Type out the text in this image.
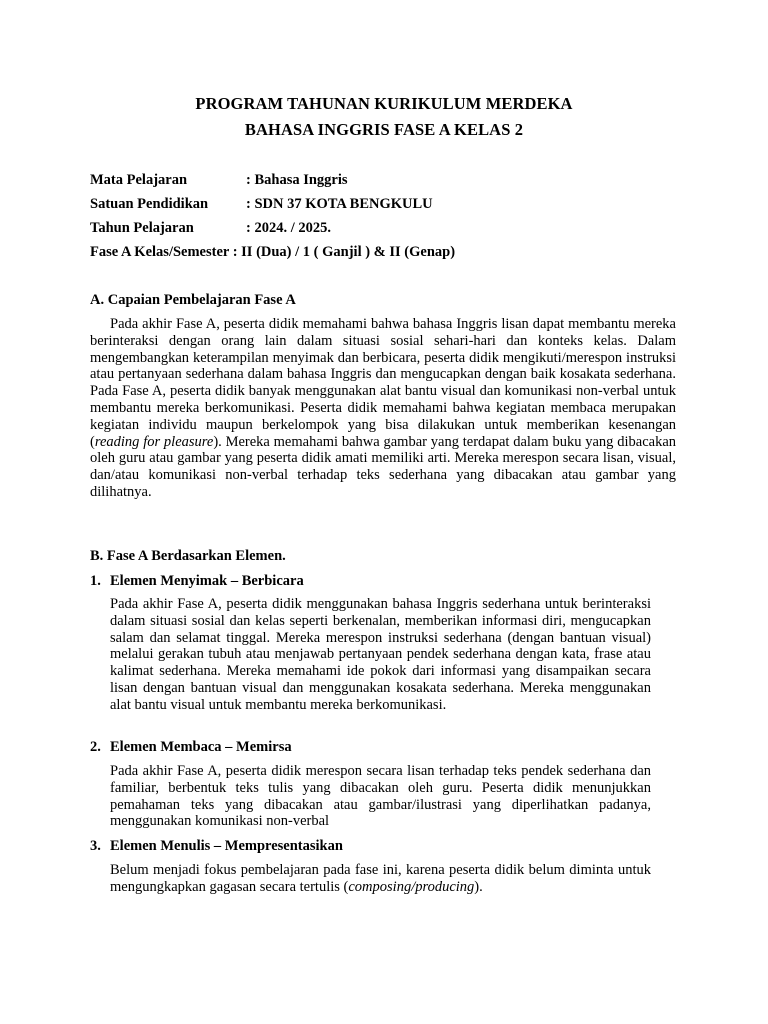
PROGRAM TAHUNAN KURIKULUM MERDEKA
BAHASA INGGRIS FASE A KELAS 2
Mata Pelajaran	: Bahasa Inggris
Satuan Pendidikan	: SDN 37 KOTA BENGKULU
Tahun Pelajaran	: 2024. / 2025.
Fase A Kelas/Semester : II (Dua) / 1 ( Ganjil ) & II (Genap)
A. Capaian Pembelajaran Fase A

Pada akhir Fase A, peserta didik memahami bahwa bahasa Inggris lisan dapat membantu mereka berinteraksi dengan orang lain dalam situasi sosial sehari-hari dan konteks kelas. Dalam mengembangkan keterampilan menyimak dan berbicara, peserta didik mengikuti/merespon instruksi atau pertanyaan sederhana dalam bahasa Inggris dan mengucapkan dengan baik kosakata sederhana. Pada Fase A, peserta didik banyak menggunakan alat bantu visual dan komunikasi non-verbal untuk membantu mereka berkomunikasi. Peserta didik memahami bahwa kegiatan membaca merupakan kegiatan individu maupun berkelompok yang bisa dilakukan untuk memberikan kesenangan (reading for pleasure). Mereka memahami bahwa gambar yang terdapat dalam buku yang dibacakan oleh guru atau gambar yang peserta didik amati memiliki arti. Mereka merespon secara lisan, visual, dan/atau komunikasi non-verbal terhadap teks sederhana yang dibacakan atau gambar yang dilihatnya.

B. Fase A Berdasarkan Elemen.
1. Elemen Menyimak – Berbicara

Pada akhir Fase A, peserta didik menggunakan bahasa Inggris sederhana untuk berinteraksi dalam situasi sosial dan kelas seperti berkenalan, memberikan informasi diri, mengucapkan salam dan selamat tinggal. Mereka merespon instruksi sederhana (dengan bantuan visual) melalui gerakan tubuh atau menjawab pertanyaan pendek sederhana dengan kata, frase atau kalimat sederhana. Mereka memahami ide pokok dari informasi yang disampaikan secara lisan dengan bantuan visual dan menggunakan kosakata sederhana. Mereka menggunakan alat bantu visual untuk membantu mereka berkomunikasi.

2. Elemen Membaca – Memirsa

Pada akhir Fase A, peserta didik merespon secara lisan terhadap teks pendek sederhana dan familiar, berbentuk teks tulis yang dibacakan oleh guru. Peserta didik menunjukkan pemahaman teks yang dibacakan atau gambar/ilustrasi yang diperlihatkan padanya, menggunakan komunikasi non-verbal

3. Elemen Menulis – Mempresentasikan

Belum menjadi fokus pembelajaran pada fase ini, karena peserta didik belum diminta untuk mengungkapkan gagasan secara tertulis (composing/producing).
